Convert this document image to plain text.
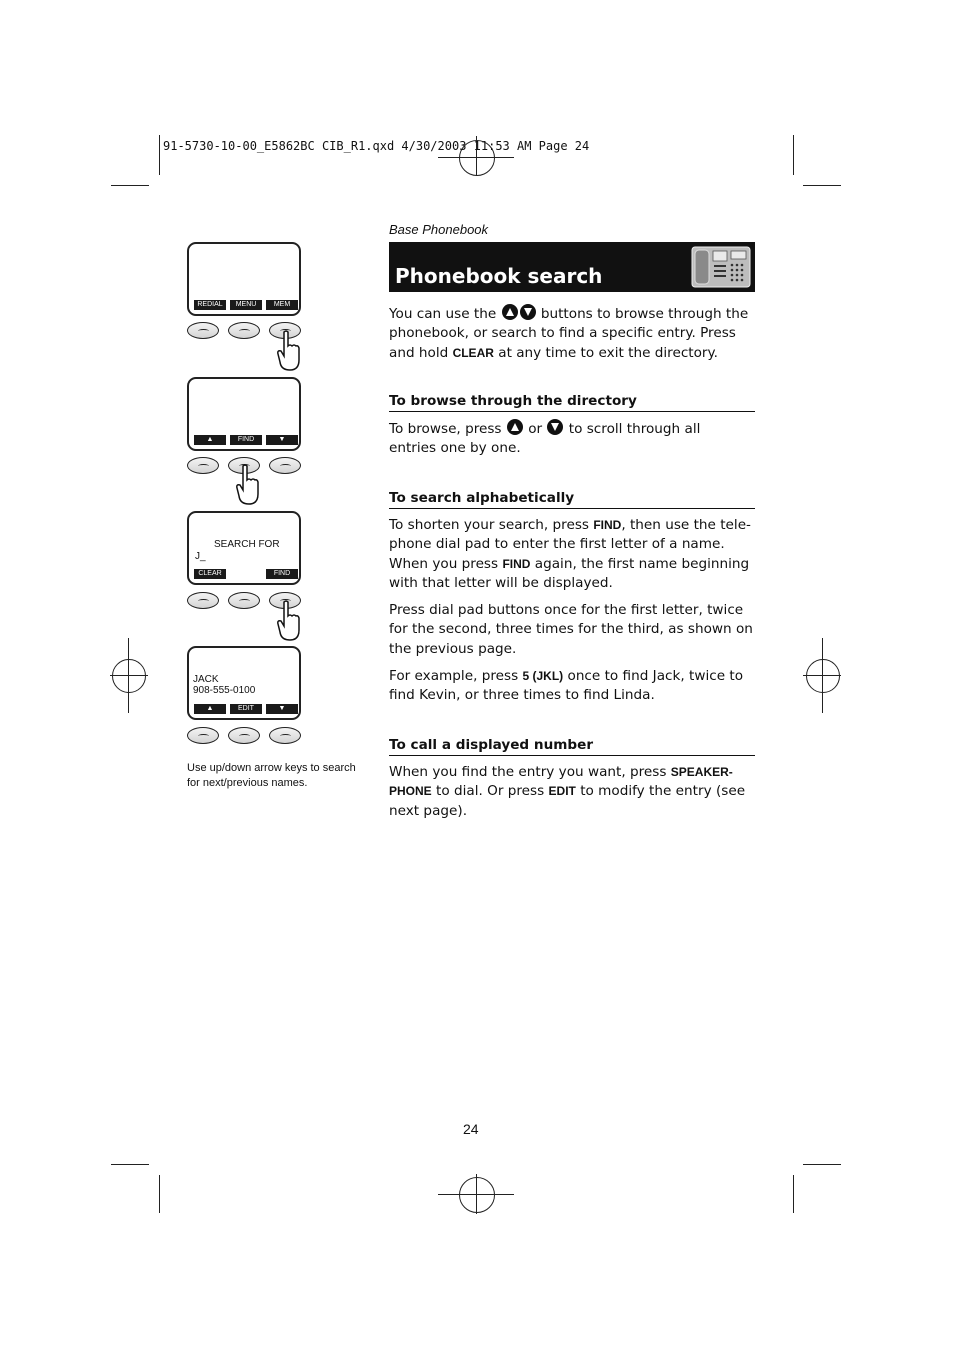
91-5730-10-00_E5862BC CIB_R1.qxd 4/30/2003 11:53 AM Page 24
REDIAL	MENU	MEM
▲	FIND	▼
SEARCH FOR
J_
CLEAR	FIND
JACK
908-555-0100
▲	EDIT	▼
Use up/down arrow keys to search for next/previous names.
Base Phonebook
Phonebook search
You can use the	buttons to browse through the phonebook, or search to find a specific entry. Press and hold CLEAR at any time to exit the directory.
To browse through the directory
To browse, press or to scroll through all entries one by one.
To search alphabetically
To shorten your search, press FIND, then use the tele-phone dial pad to enter the first letter of a name. When you press FIND again, the first name beginning with that letter will be displayed.
Press dial pad buttons once for the first letter, twice for the second, three times for the third, as shown on the previous page.
For example, press 5 (JKL) once to find Jack, twice to find Kevin, or three times to find Linda.
To call a displayed number
When you find the entry you want, press SPEAKER-PHONE to dial. Or press EDIT to modify the entry (see next page).
24
